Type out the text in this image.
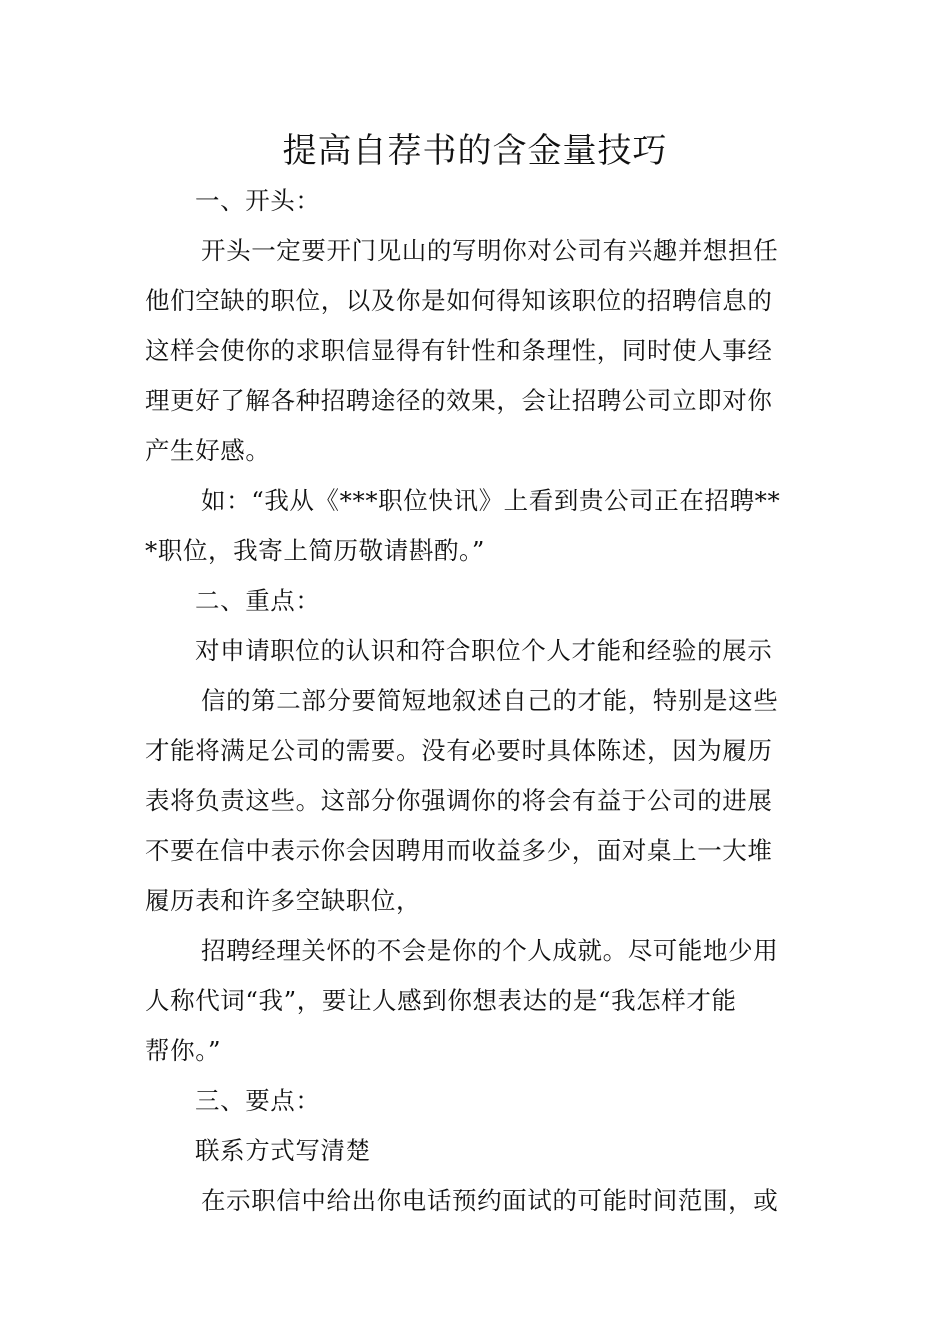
提高自荐书的含金量技巧
一、开头：
开头一定要开门见山的写明你对公司有兴趣并想担任
他们空缺的职位，以及你是如何得知该职位的招聘信息的
这样会使你的求职信显得有针性和条理性，同时使人事经
理更好了解各种招聘途径的效果，会让招聘公司立即对你
产生好感。
如：“我从《***职位快讯》上看到贵公司正在招聘**
*职位，我寄上简历敬请斟酌。”
二、重点：
对申请职位的认识和符合职位个人才能和经验的展示
信的第二部分要简短地叙述自己的才能，特别是这些
才能将满足公司的需要。没有必要时具体陈述，因为履历
表将负责这些。这部分你强调你的将会有益于公司的进展
不要在信中表示你会因聘用而收益多少，面对桌上一大堆
履历表和许多空缺职位，
招聘经理关怀的不会是你的个人成就。尽可能地少用
人称代词“我”，要让人感到你想表达的是“我怎样才能
帮你。”
三、要点：
联系方式写清楚
在示职信中给出你电话预约面试的可能时间范围，或
